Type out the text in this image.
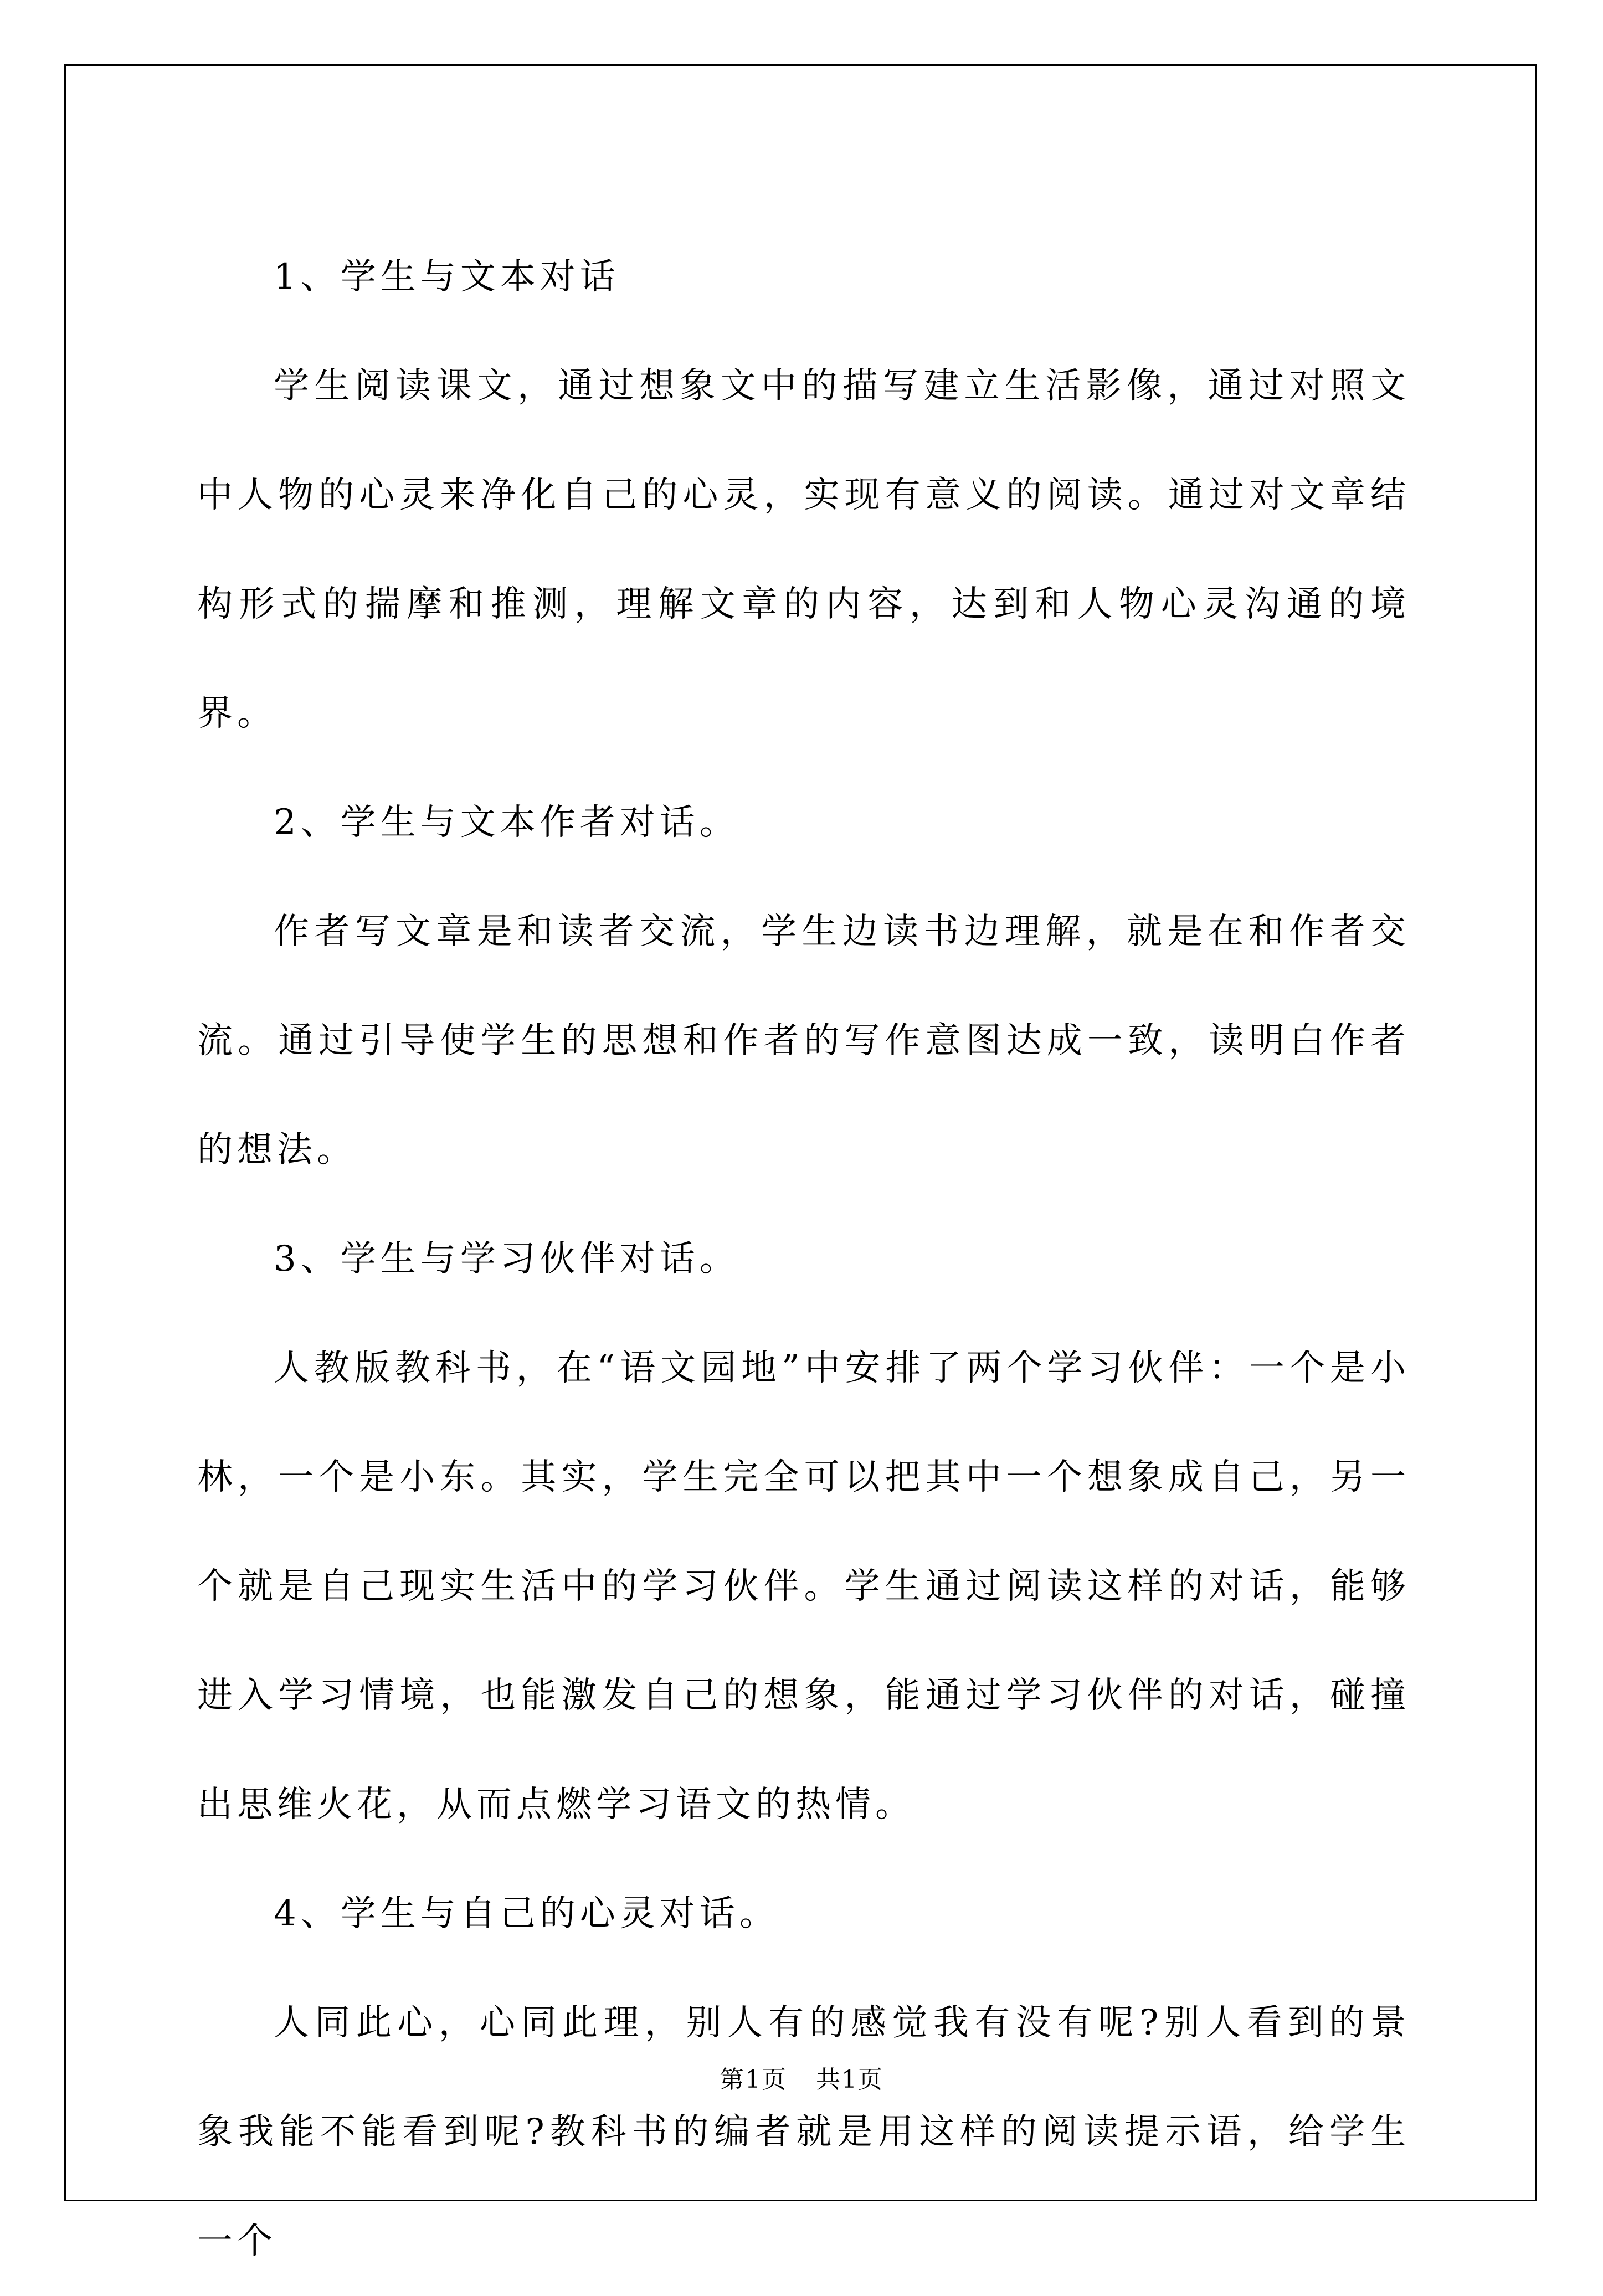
1、学生与文本对话

学生阅读课文，通过想象文中的描写建立生活影像，通过对照文中人物的心灵来净化自己的心灵，实现有意义的阅读。通过对文章结构形式的揣摩和推测，理解文章的内容，达到和人物心灵沟通的境界。

2、学生与文本作者对话。

作者写文章是和读者交流，学生边读书边理解，就是在和作者交流。通过引导使学生的思想和作者的写作意图达成一致，读明白作者的想法。

3、学生与学习伙伴对话。

人教版教科书，在“语文园地”中安排了两个学习伙伴：一个是小林，一个是小东。其实，学生完全可以把其中一个想象成自己，另一个就是自己现实生活中的学习伙伴。学生通过阅读这样的对话，能够进入学习情境，也能激发自己的想象，能通过学习伙伴的对话，碰撞出思维火花，从而点燃学习语文的热情。

4、学生与自己的心灵对话。

人同此心，心同此理，别人有的感觉我有没有呢?别人看到的景象我能不能看到呢?教科书的编者就是用这样的阅读提示语，给学生一个

第1页 共1页
